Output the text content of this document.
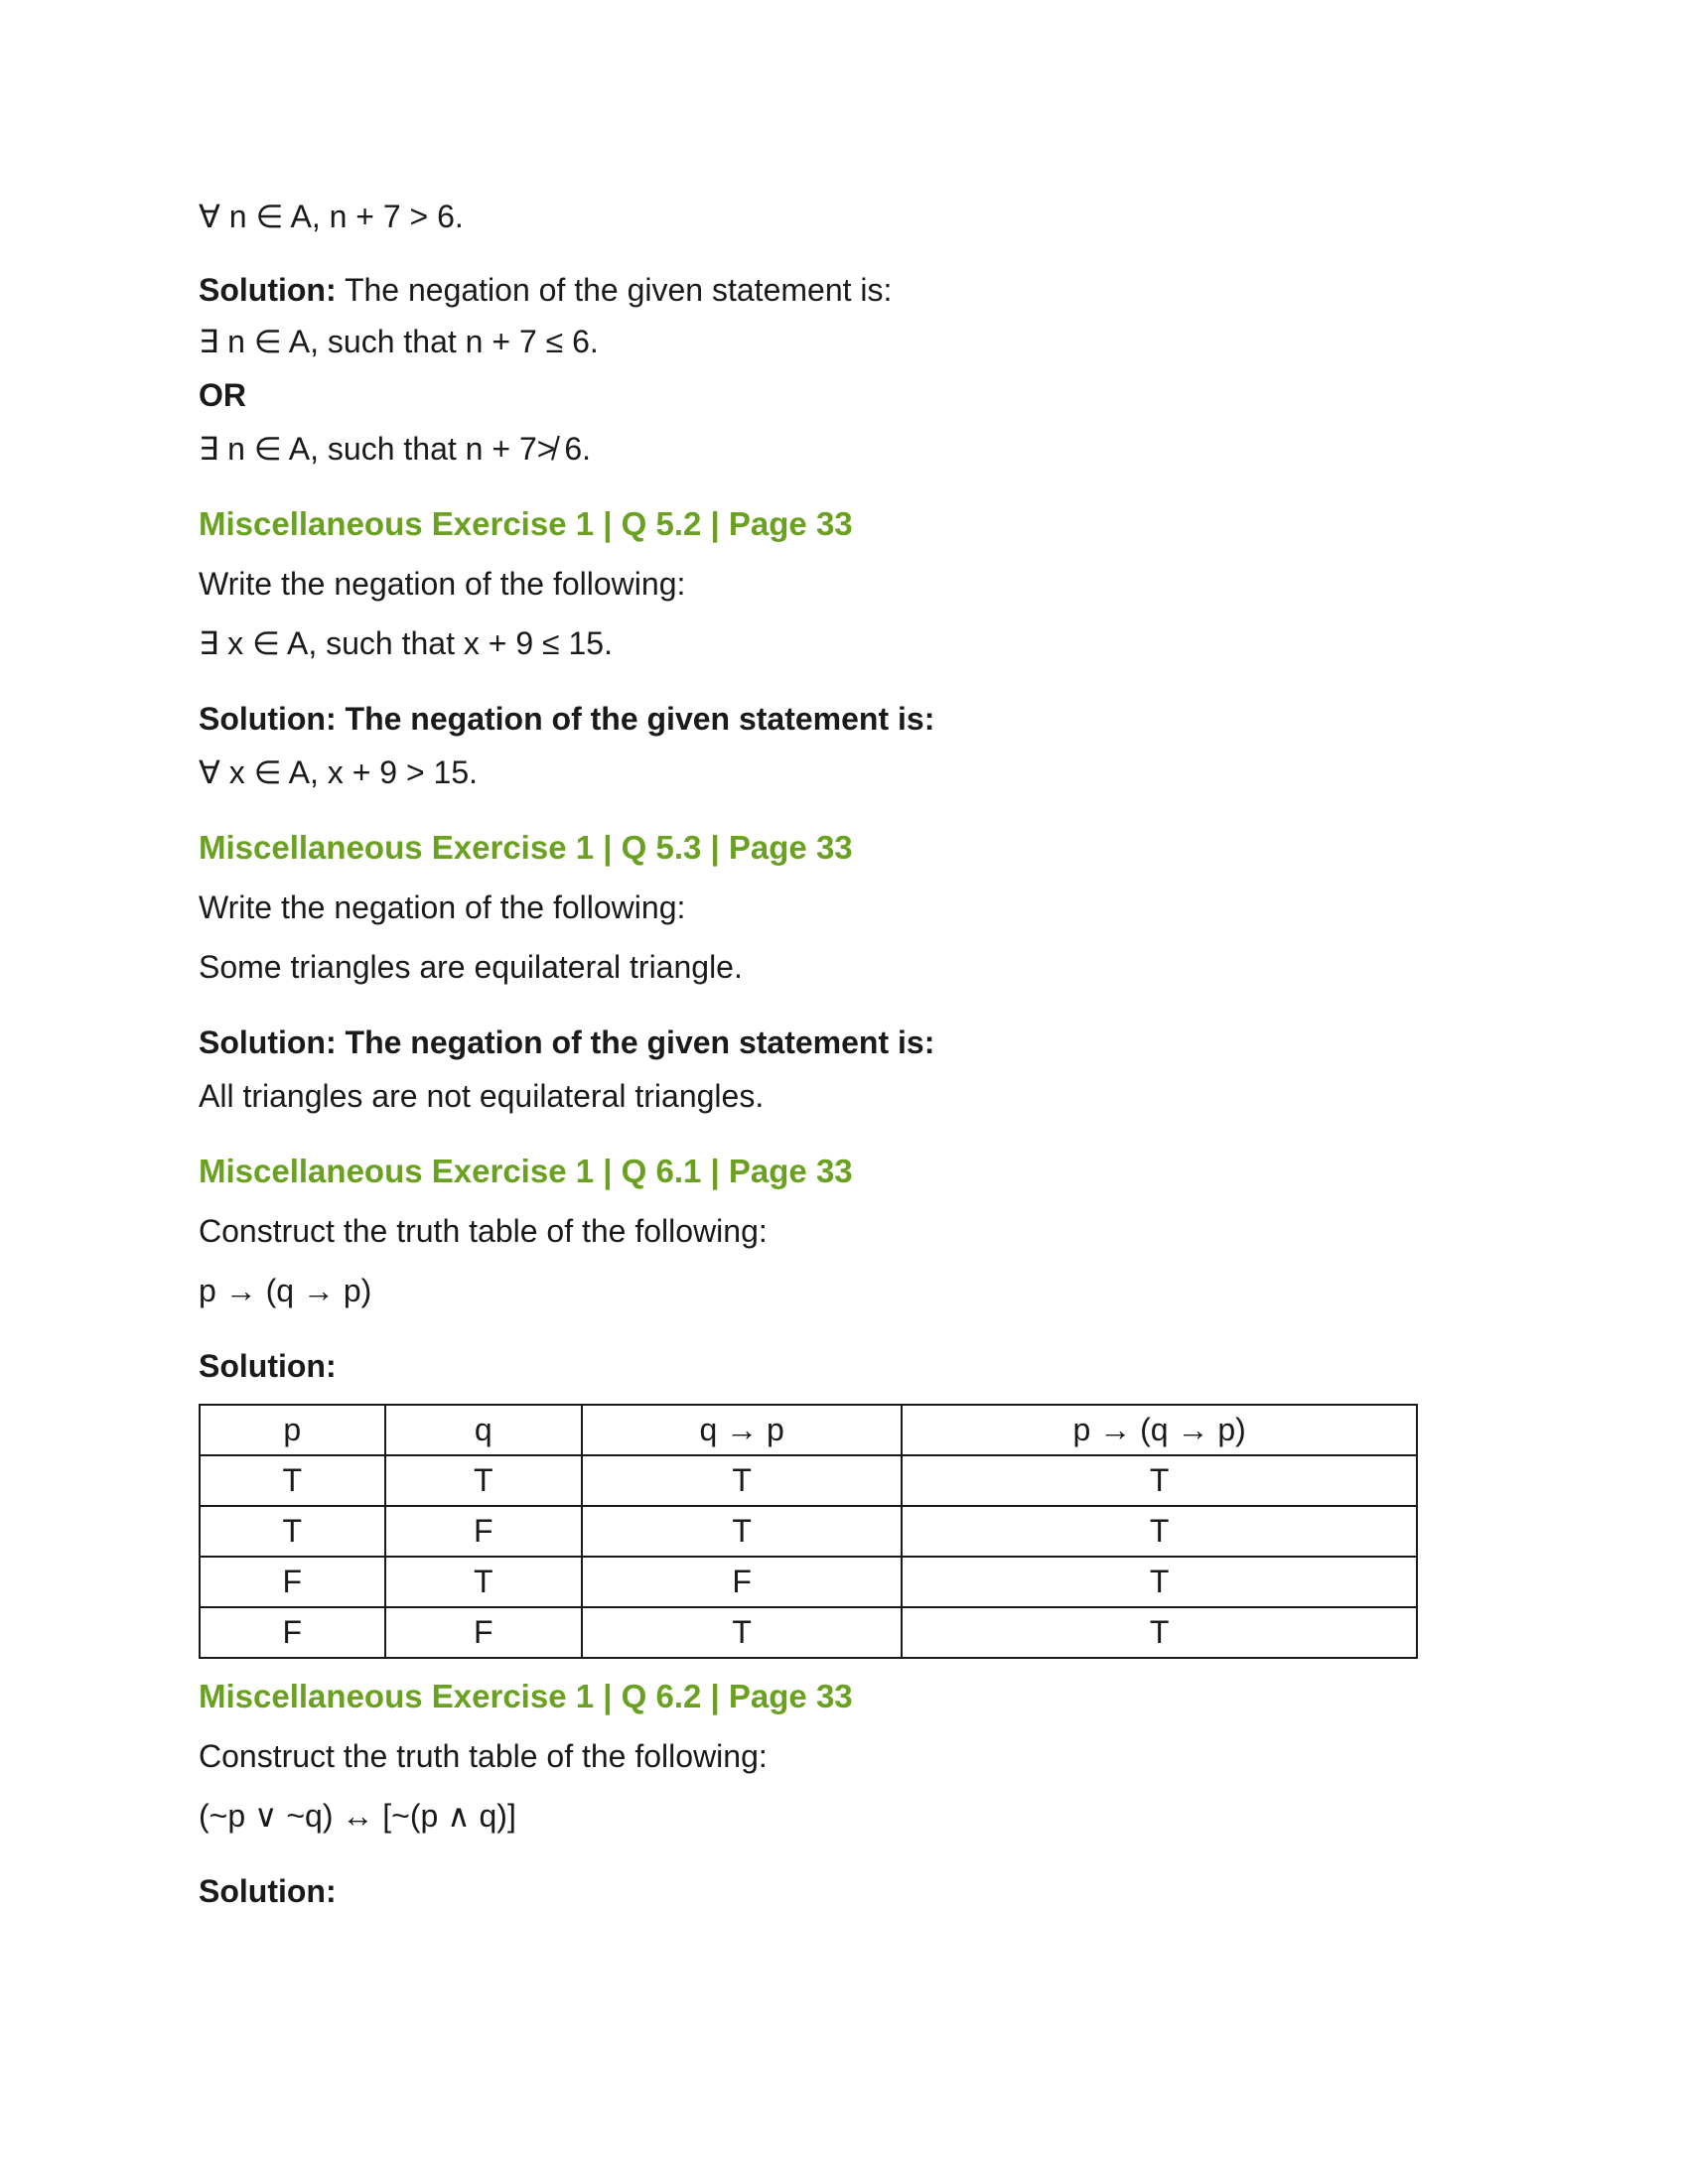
∀ n ∈ A, n + 7 > 6.

Solution: The negation of the given statement is:

∃ n ∈ A, such that n + 7 ≤ 6.

OR

∃ n ∈ A, such that n + 7≯ 6.

Miscellaneous Exercise 1 | Q 5.2 | Page 33

Write the negation of the following:

∃ x ∈ A, such that x + 9 ≤ 15.

Solution: The negation of the given statement is:

∀ x ∈ A, x + 9 > 15.

Miscellaneous Exercise 1 | Q 5.3 | Page 33

Write the negation of the following:

Some triangles are equilateral triangle.

Solution: The negation of the given statement is:

All triangles are not equilateral triangles.

Miscellaneous Exercise 1 | Q 6.1 | Page 33

Construct the truth table of the following:

p → (q → p)

Solution:

p	q	q → p	p → (q → p)
T	T	T	T
T	F	T	T
F	T	F	T
F	F	T	T

Miscellaneous Exercise 1 | Q 6.2 | Page 33

Construct the truth table of the following:

(~p ∨ ~q) ↔ [~(p ∧ q)]

Solution:
